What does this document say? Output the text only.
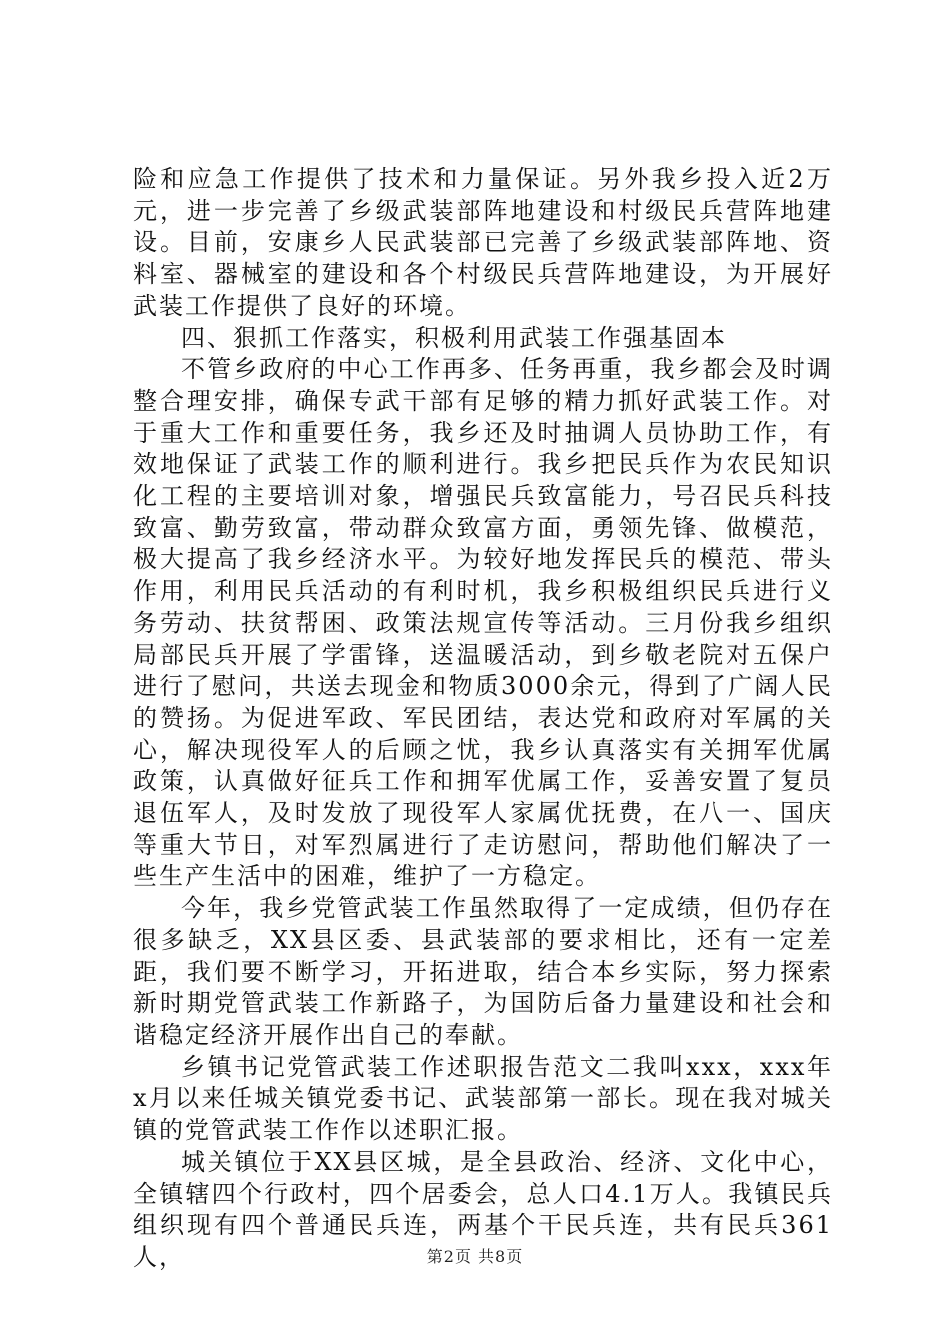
险和应急工作提供了技术和力量保证。另外我乡投入近2万元，进一步完善了乡级武装部阵地建设和村级民兵营阵地建设。目前，安康乡人民武装部已完善了乡级武装部阵地、资料室、器械室的建设和各个村级民兵营阵地建设，为开展好武装工作提供了良好的环境。

四、狠抓工作落实，积极利用武装工作强基固本

不管乡政府的中心工作再多、任务再重，我乡都会及时调整合理安排，确保专武干部有足够的精力抓好武装工作。对于重大工作和重要任务，我乡还及时抽调人员协助工作，有效地保证了武装工作的顺利进行。我乡把民兵作为农民知识化工程的主要培训对象，增强民兵致富能力，号召民兵科技致富、勤劳致富，带动群众致富方面，勇领先锋、做模范，极大提高了我乡经济水平。为较好地发挥民兵的模范、带头作用，利用民兵活动的有利时机，我乡积极组织民兵进行义务劳动、扶贫帮困、政策法规宣传等活动。三月份我乡组织局部民兵开展了学雷锋，送温暖活动，到乡敬老院对五保户进行了慰问，共送去现金和物质3000余元，得到了广阔人民的赞扬。为促进军政、军民团结，表达党和政府对军属的关心，解决现役军人的后顾之忧，我乡认真落实有关拥军优属政策，认真做好征兵工作和拥军优属工作，妥善安置了复员退伍军人，及时发放了现役军人家属优抚费，在八一、国庆等重大节日，对军烈属进行了走访慰问，帮助他们解决了一些生产生活中的困难，维护了一方稳定。

今年，我乡党管武装工作虽然取得了一定成绩，但仍存在很多缺乏，XX县区委、县武装部的要求相比，还有一定差距，我们要不断学习，开拓进取，结合本乡实际，努力探索新时期党管武装工作新路子，为国防后备力量建设和社会和谐稳定经济开展作出自己的奉献。

乡镇书记党管武装工作述职报告范文二我叫xxx，xxx年x月以来任城关镇党委书记、武装部第一部长。现在我对城关镇的党管武装工作作以述职汇报。

城关镇位于XX县区城，是全县政治、经济、文化中心，全镇辖四个行政村，四个居委会，总人口4.1万人。我镇民兵组织现有四个普通民兵连，两基个干民兵连，共有民兵361人，	第2页 共8页
